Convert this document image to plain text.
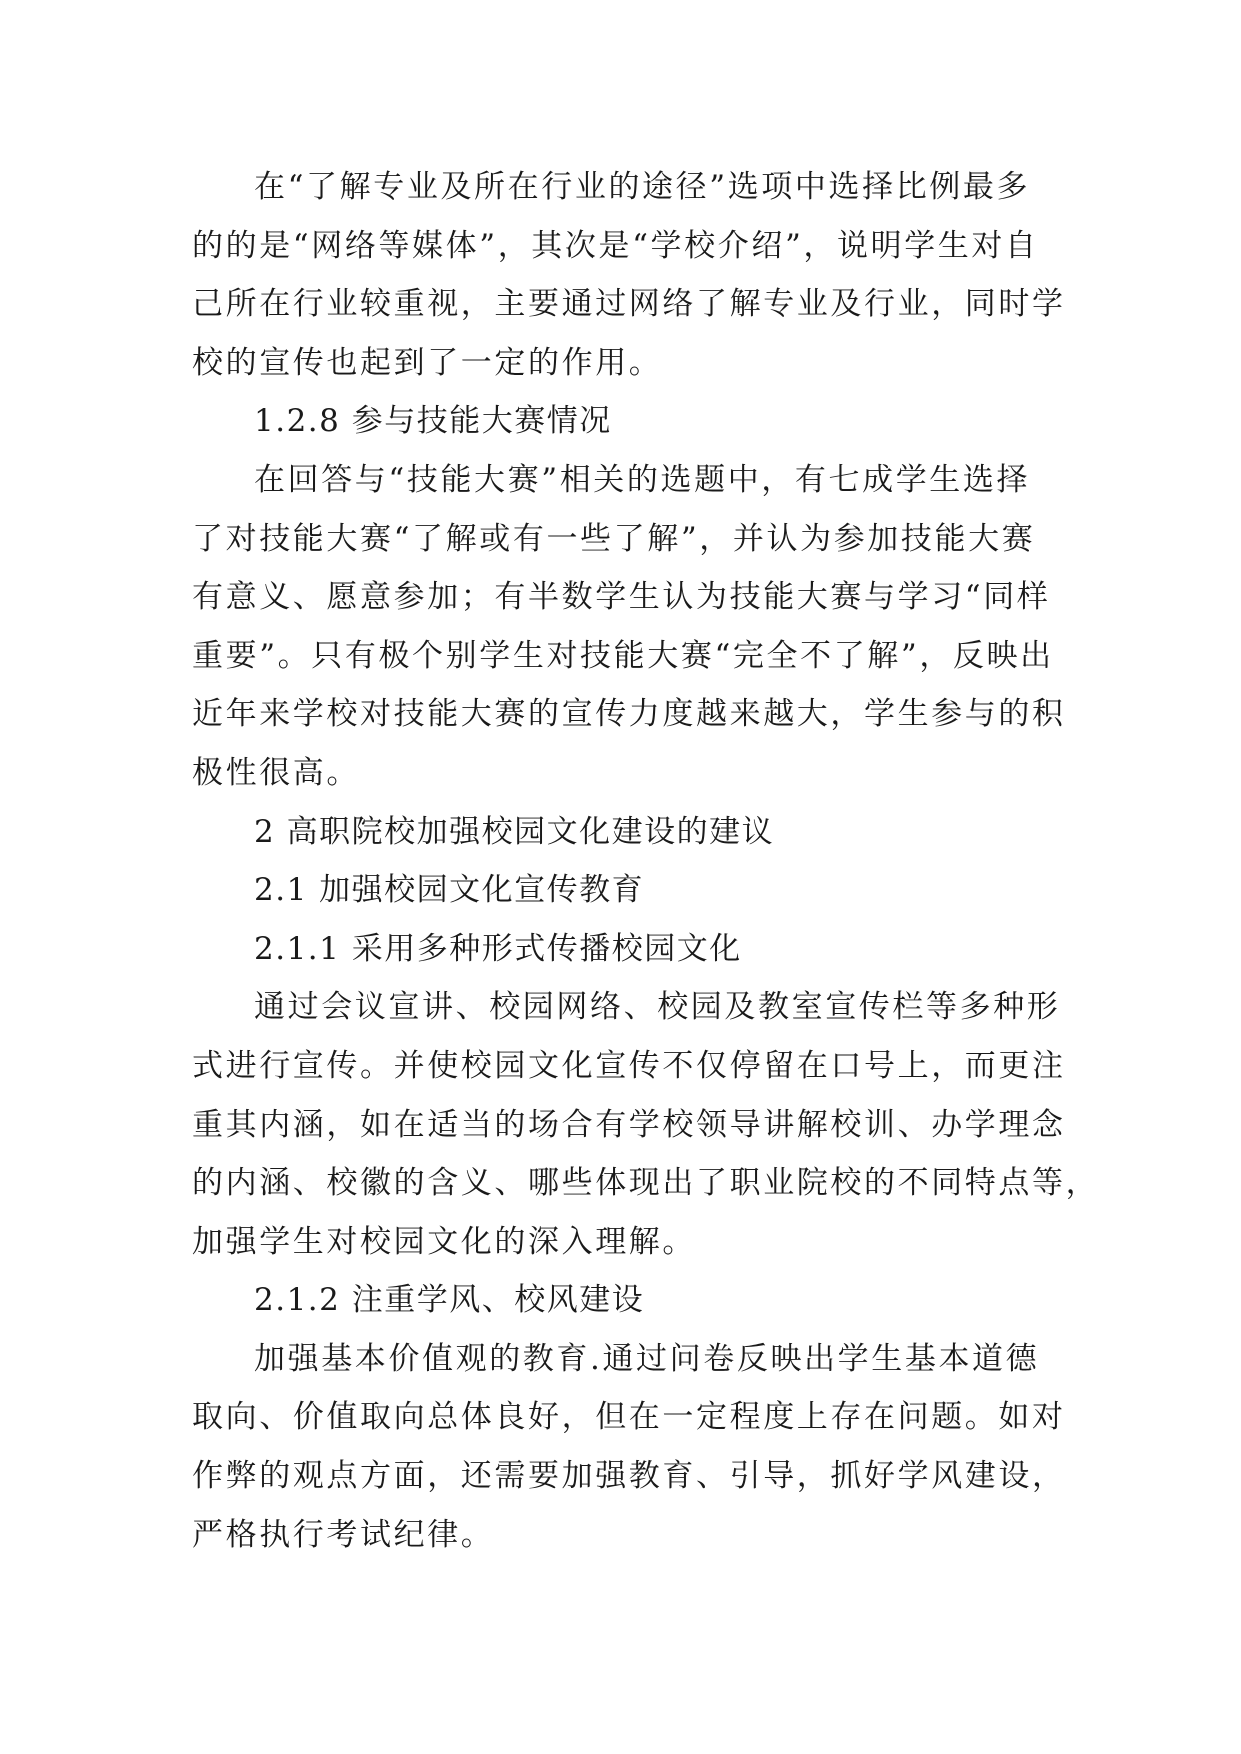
在“了解专业及所在行业的途径”选项中选择比例最多
的的是“网络等媒体”，其次是“学校介绍”，说明学生对自
己所在行业较重视，主要通过网络了解专业及行业，同时学
校的宣传也起到了一定的作用。
1.2.8 参与技能大赛情况
在回答与“技能大赛”相关的选题中，有七成学生选择
了对技能大赛“了解或有一些了解”，并认为参加技能大赛
有意义、愿意参加；有半数学生认为技能大赛与学习“同样
重要”。只有极个别学生对技能大赛“完全不了解”，反映出
近年来学校对技能大赛的宣传力度越来越大，学生参与的积
极性很高。
2 高职院校加强校园文化建设的建议
2.1 加强校园文化宣传教育
2.1.1 采用多种形式传播校园文化
通过会议宣讲、校园网络、校园及教室宣传栏等多种形
式进行宣传。并使校园文化宣传不仅停留在口号上，而更注
重其内涵，如在适当的场合有学校领导讲解校训、办学理念
的内涵、校徽的含义、哪些体现出了职业院校的不同特点等，
加强学生对校园文化的深入理解。
2.1.2 注重学风、校风建设
加强基本价值观的教育.通过问卷反映出学生基本道德
取向、价值取向总体良好，但在一定程度上存在问题。如对
作弊的观点方面，还需要加强教育、引导，抓好学风建设，
严格执行考试纪律。
